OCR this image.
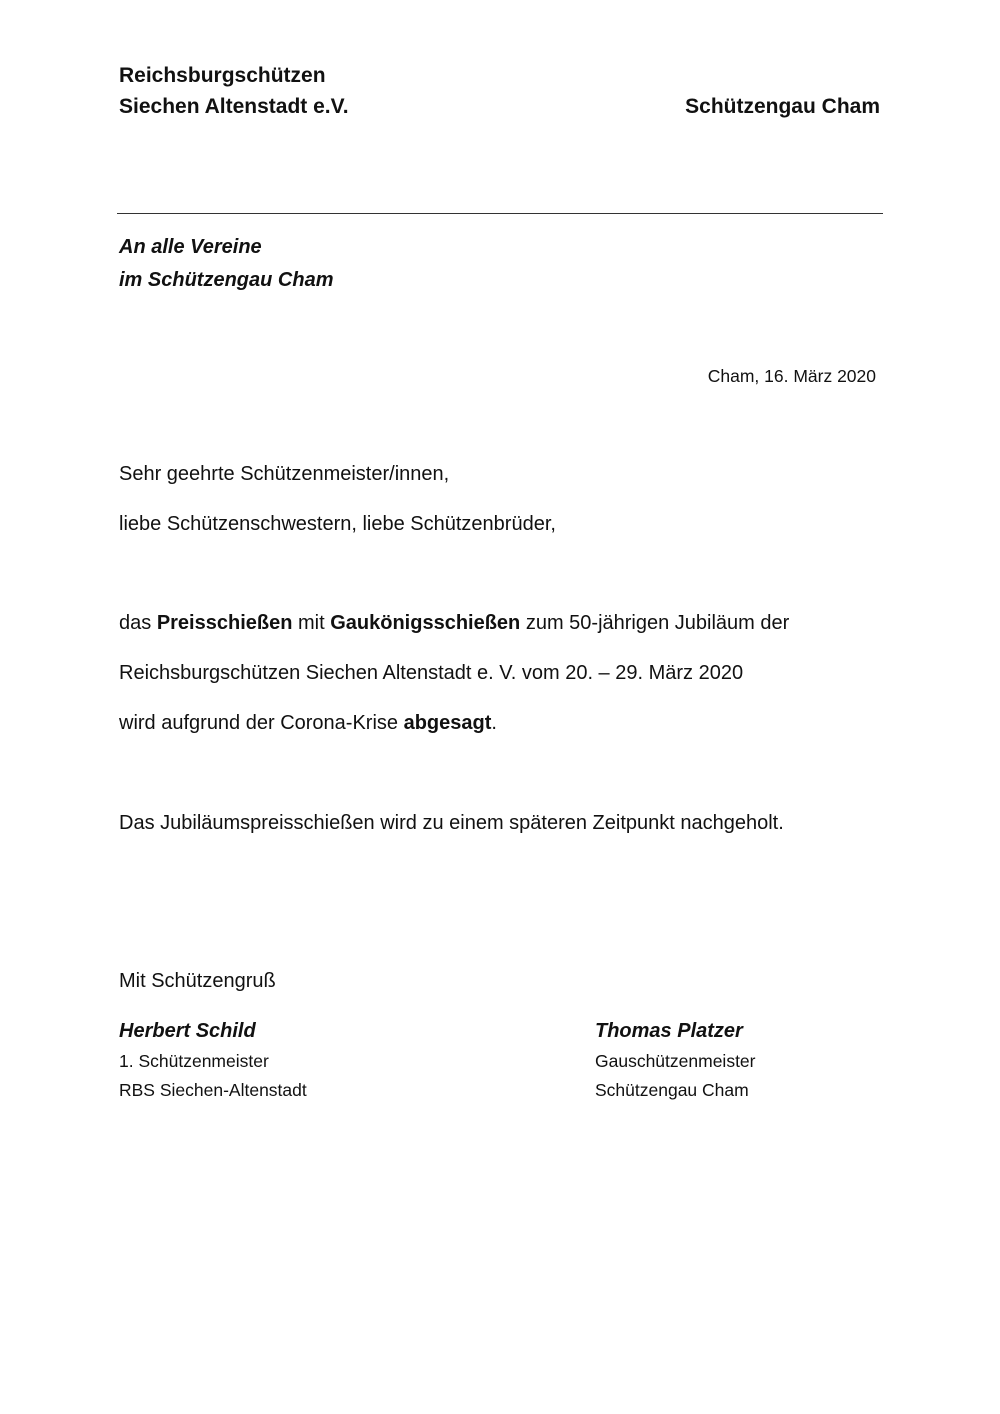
Reichsburgschützen
Siechen Altenstadt e.V.	Schützengau Cham
An alle Vereine
im Schützengau Cham
Cham, 16. März 2020
Sehr geehrte Schützenmeister/innen,
liebe Schützenschwestern, liebe Schützenbrüder,
das Preisschießen mit Gaukönigsschießen zum 50-jährigen Jubiläum der
Reichsburgschützen Siechen Altenstadt e. V. vom 20. – 29. März 2020
wird aufgrund der Corona-Krise abgesagt.
Das Jubiläumspreisschießen wird zu einem späteren Zeitpunkt nachgeholt.
Mit Schützengruß
Herbert Schild
1. Schützenmeister
RBS Siechen-Altenstadt
Thomas Platzer
Gauschützenmeister
Schützengau Cham
